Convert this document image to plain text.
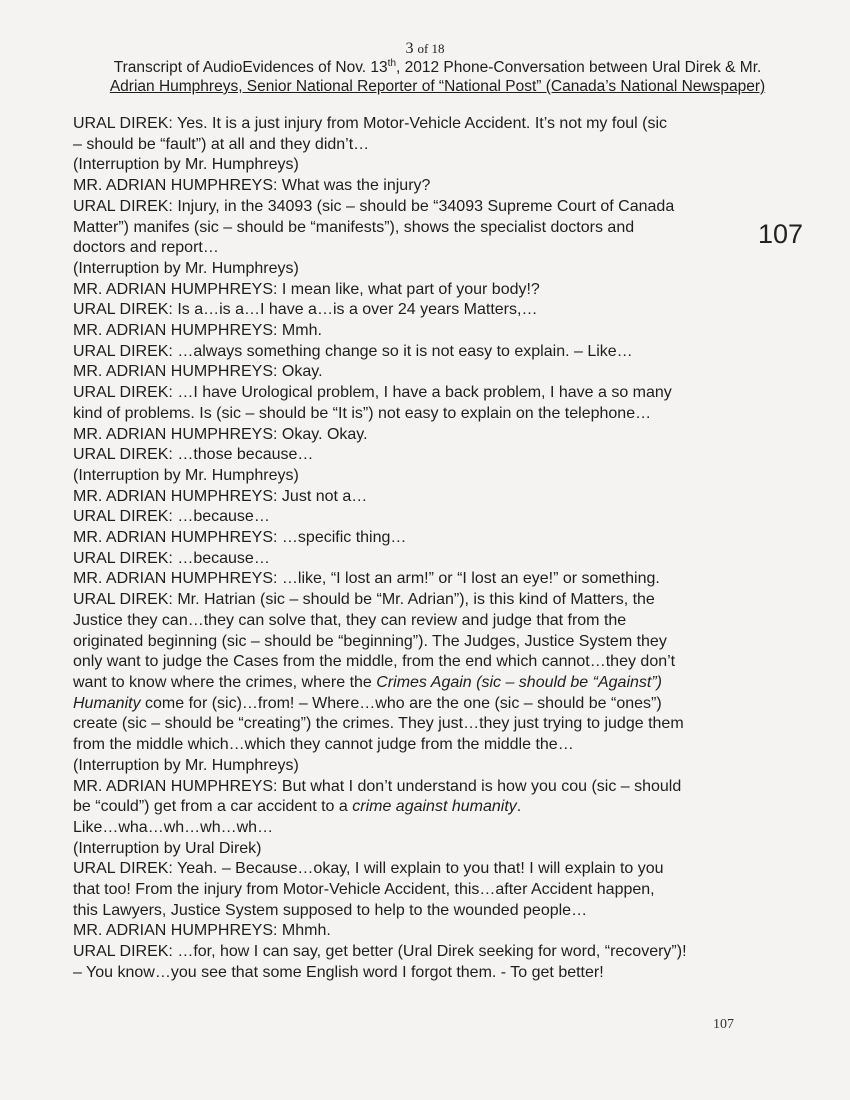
3 of 18
Transcript of AudioEvidences of Nov. 13th, 2012 Phone-Conversation between Ural Direk & Mr.
Adrian Humphreys, Senior National Reporter of “National Post” (Canada’s National Newspaper)
107
URAL DIREK: Yes. It is a just injury from Motor-Vehicle Accident. It’s not my foul (sic
– should be “fault”) at all and they didn’t…
(Interruption by Mr. Humphreys)
MR. ADRIAN HUMPHREYS: What was the injury?
URAL DIREK: Injury, in the 34093 (sic – should be “34093 Supreme Court of Canada
Matter”) manifes (sic – should be “manifests”), shows the specialist doctors and
doctors and report…
(Interruption by Mr. Humphreys)
MR. ADRIAN HUMPHREYS: I mean like, what part of your body!?
URAL DIREK: Is a…is a…I have a…is a over 24 years Matters,…
MR. ADRIAN HUMPHREYS: Mmh.
URAL DIREK: …always something change so it is not easy to explain. – Like…
MR. ADRIAN HUMPHREYS: Okay.
URAL DIREK: …I have Urological problem, I have a back problem, I have a so many
kind of problems. Is (sic – should be “It is”) not easy to explain on the telephone…
MR. ADRIAN HUMPHREYS: Okay. Okay.
URAL DIREK: …those because…
(Interruption by Mr. Humphreys)
MR. ADRIAN HUMPHREYS: Just not a…
URAL DIREK: …because…
MR. ADRIAN HUMPHREYS: …specific thing…
URAL DIREK: …because…
MR. ADRIAN HUMPHREYS: …like, “I lost an arm!” or “I lost an eye!” or something.
URAL DIREK: Mr. Hatrian (sic – should be “Mr. Adrian”), is this kind of Matters, the
Justice they can…they can solve that, they can review and judge that from the
originated beginning (sic – should be “beginning”). The Judges, Justice System they
only want to judge the Cases from the middle, from the end which cannot…they don’t
want to know where the crimes, where the Crimes Again (sic – should be “Against”)
Humanity come for (sic)…from! – Where…who are the one (sic – should be “ones”)
create (sic – should be “creating”) the crimes. They just…they just trying to judge them
from the middle which…which they cannot judge from the middle the…
(Interruption by Mr. Humphreys)
MR. ADRIAN HUMPHREYS: But what I don’t understand is how you cou (sic – should
be “could”) get from a car accident to a crime against humanity.
Like…wha…wh…wh…wh…
(Interruption by Ural Direk)
URAL DIREK: Yeah. – Because…okay, I will explain to you that! I will explain to you
that too! From the injury from Motor-Vehicle Accident, this…after Accident happen,
this Lawyers, Justice System supposed to help to the wounded people…
MR. ADRIAN HUMPHREYS: Mhmh.
URAL DIREK: …for, how I can say, get better (Ural Direk seeking for word, “recovery”)!
– You know…you see that some English word I forgot them. - To get better!
107
